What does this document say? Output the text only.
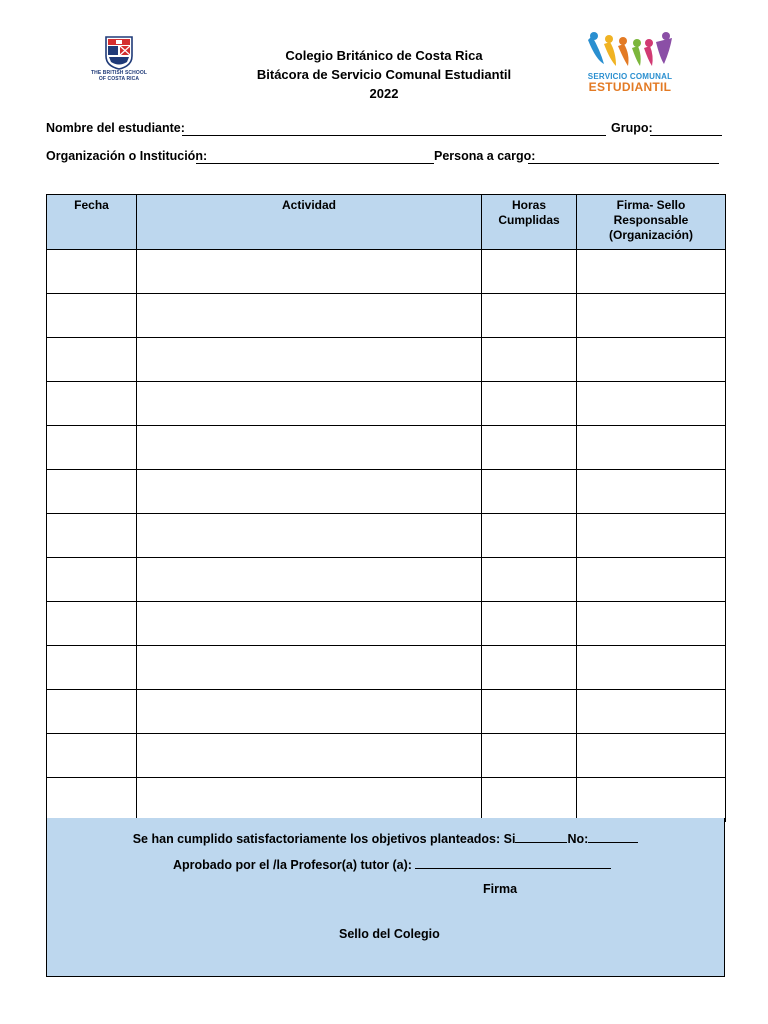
THE BRITISH SCHOOL
OF COSTA RICA
Colegio Británico de Costa Rica
Bitácora de Servicio Comunal Estudiantil
2022
SERVICIO COMUNAL
ESTUDIANTIL
Nombre del estudiante:	Grupo:
Organización o Institución:	Persona a cargo:
Fecha	Actividad	Horas Cumplidas	Firma- Sello Responsable (Organización)

Se han cumplido satisfactoriamente los objetivos planteados: Si	No:
Aprobado por el /la Profesor(a) tutor (a):
Firma
Sello del Colegio
